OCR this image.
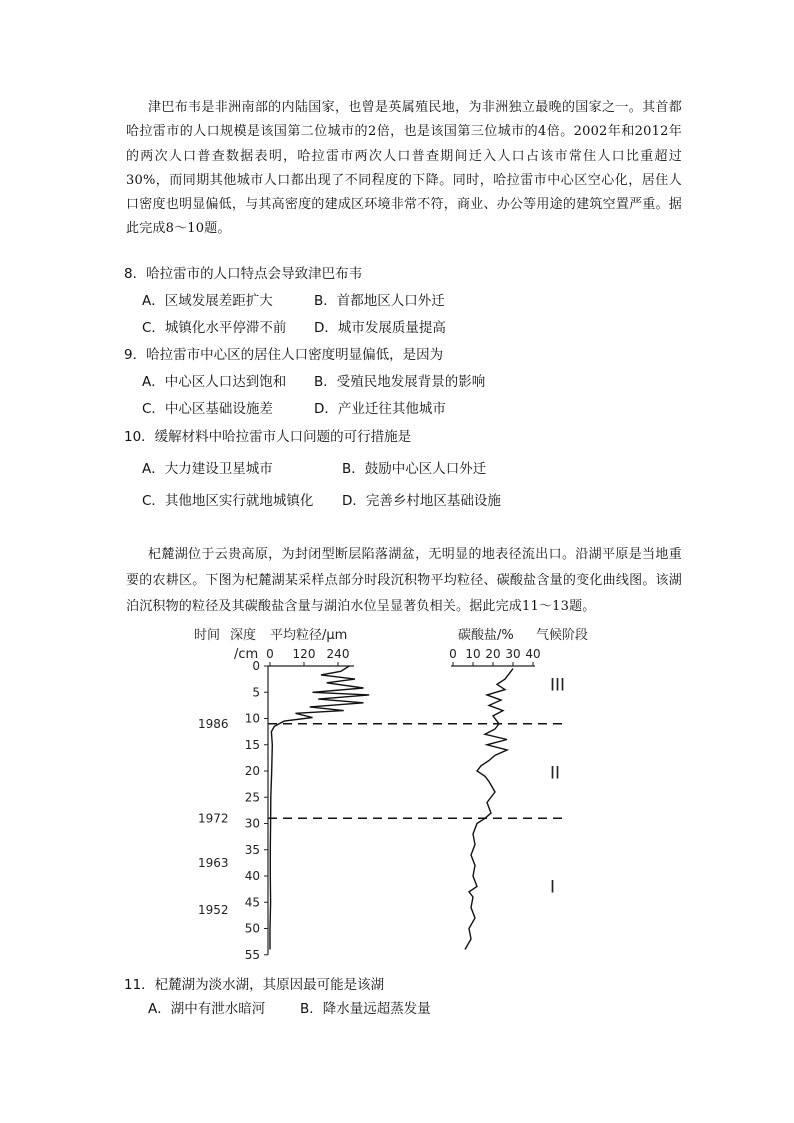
津巴布韦是非洲南部的内陆国家，也曾是英属殖民地，为非洲独立最晚的国家之一。其首都哈拉雷市的人口规模是该国第二位城市的2倍，也是该国第三位城市的4倍。2002年和2012年的两次人口普查数据表明，哈拉雷市两次人口普查期间迁入人口占该市常住人口比重超过30%，而同期其他城市人口都出现了不同程度的下降。同时，哈拉雷市中心区空心化，居住人口密度也明显偏低，与其高密度的建成区环境非常不符，商业、办公等用途的建筑空置严重。据此完成8～10题。
8．哈拉雷市的人口特点会导致津巴布韦
A．区域发展差距扩大	B．首都地区人口外迁
C．城镇化水平停滞不前 D．城市发展质量提高
9．哈拉雷市中心区的居住人口密度明显偏低，是因为
A．中心区人口达到饱和 B．受殖民地发展背景的影响
C．中心区基础设施差	D．产业迁往其他城市
10．缓解材料中哈拉雷市人口问题的可行措施是
A．大力建设卫星城市	B．鼓励中心区人口外迁
C．其他地区实行就地城镇化 D．完善乡村地区基础设施
杞麓湖位于云贵高原，为封闭型断层陷落湖盆，无明显的地表径流出口。沿湖平原是当地重要的农耕区。下图为杞麓湖某采样点部分时段沉积物平均粒径、碳酸盐含量的变化曲线图。该湖泊沉积物的粒径及其碳酸盐含量与湖泊水位呈显著负相关。据此完成11～13题。
时间 深度 平均粒径/μm
/cm
碳酸盐/% 气候阶段
0
5
10
15
20
25
30
35
40
45
50
55
0 120 240	0 10 20 30 40
1986
1972
1963
1952
III
II
I
11．杞麓湖为淡水湖，其原因最可能是该湖
A．湖中有泄水暗河	B．降水量远超蒸发量
